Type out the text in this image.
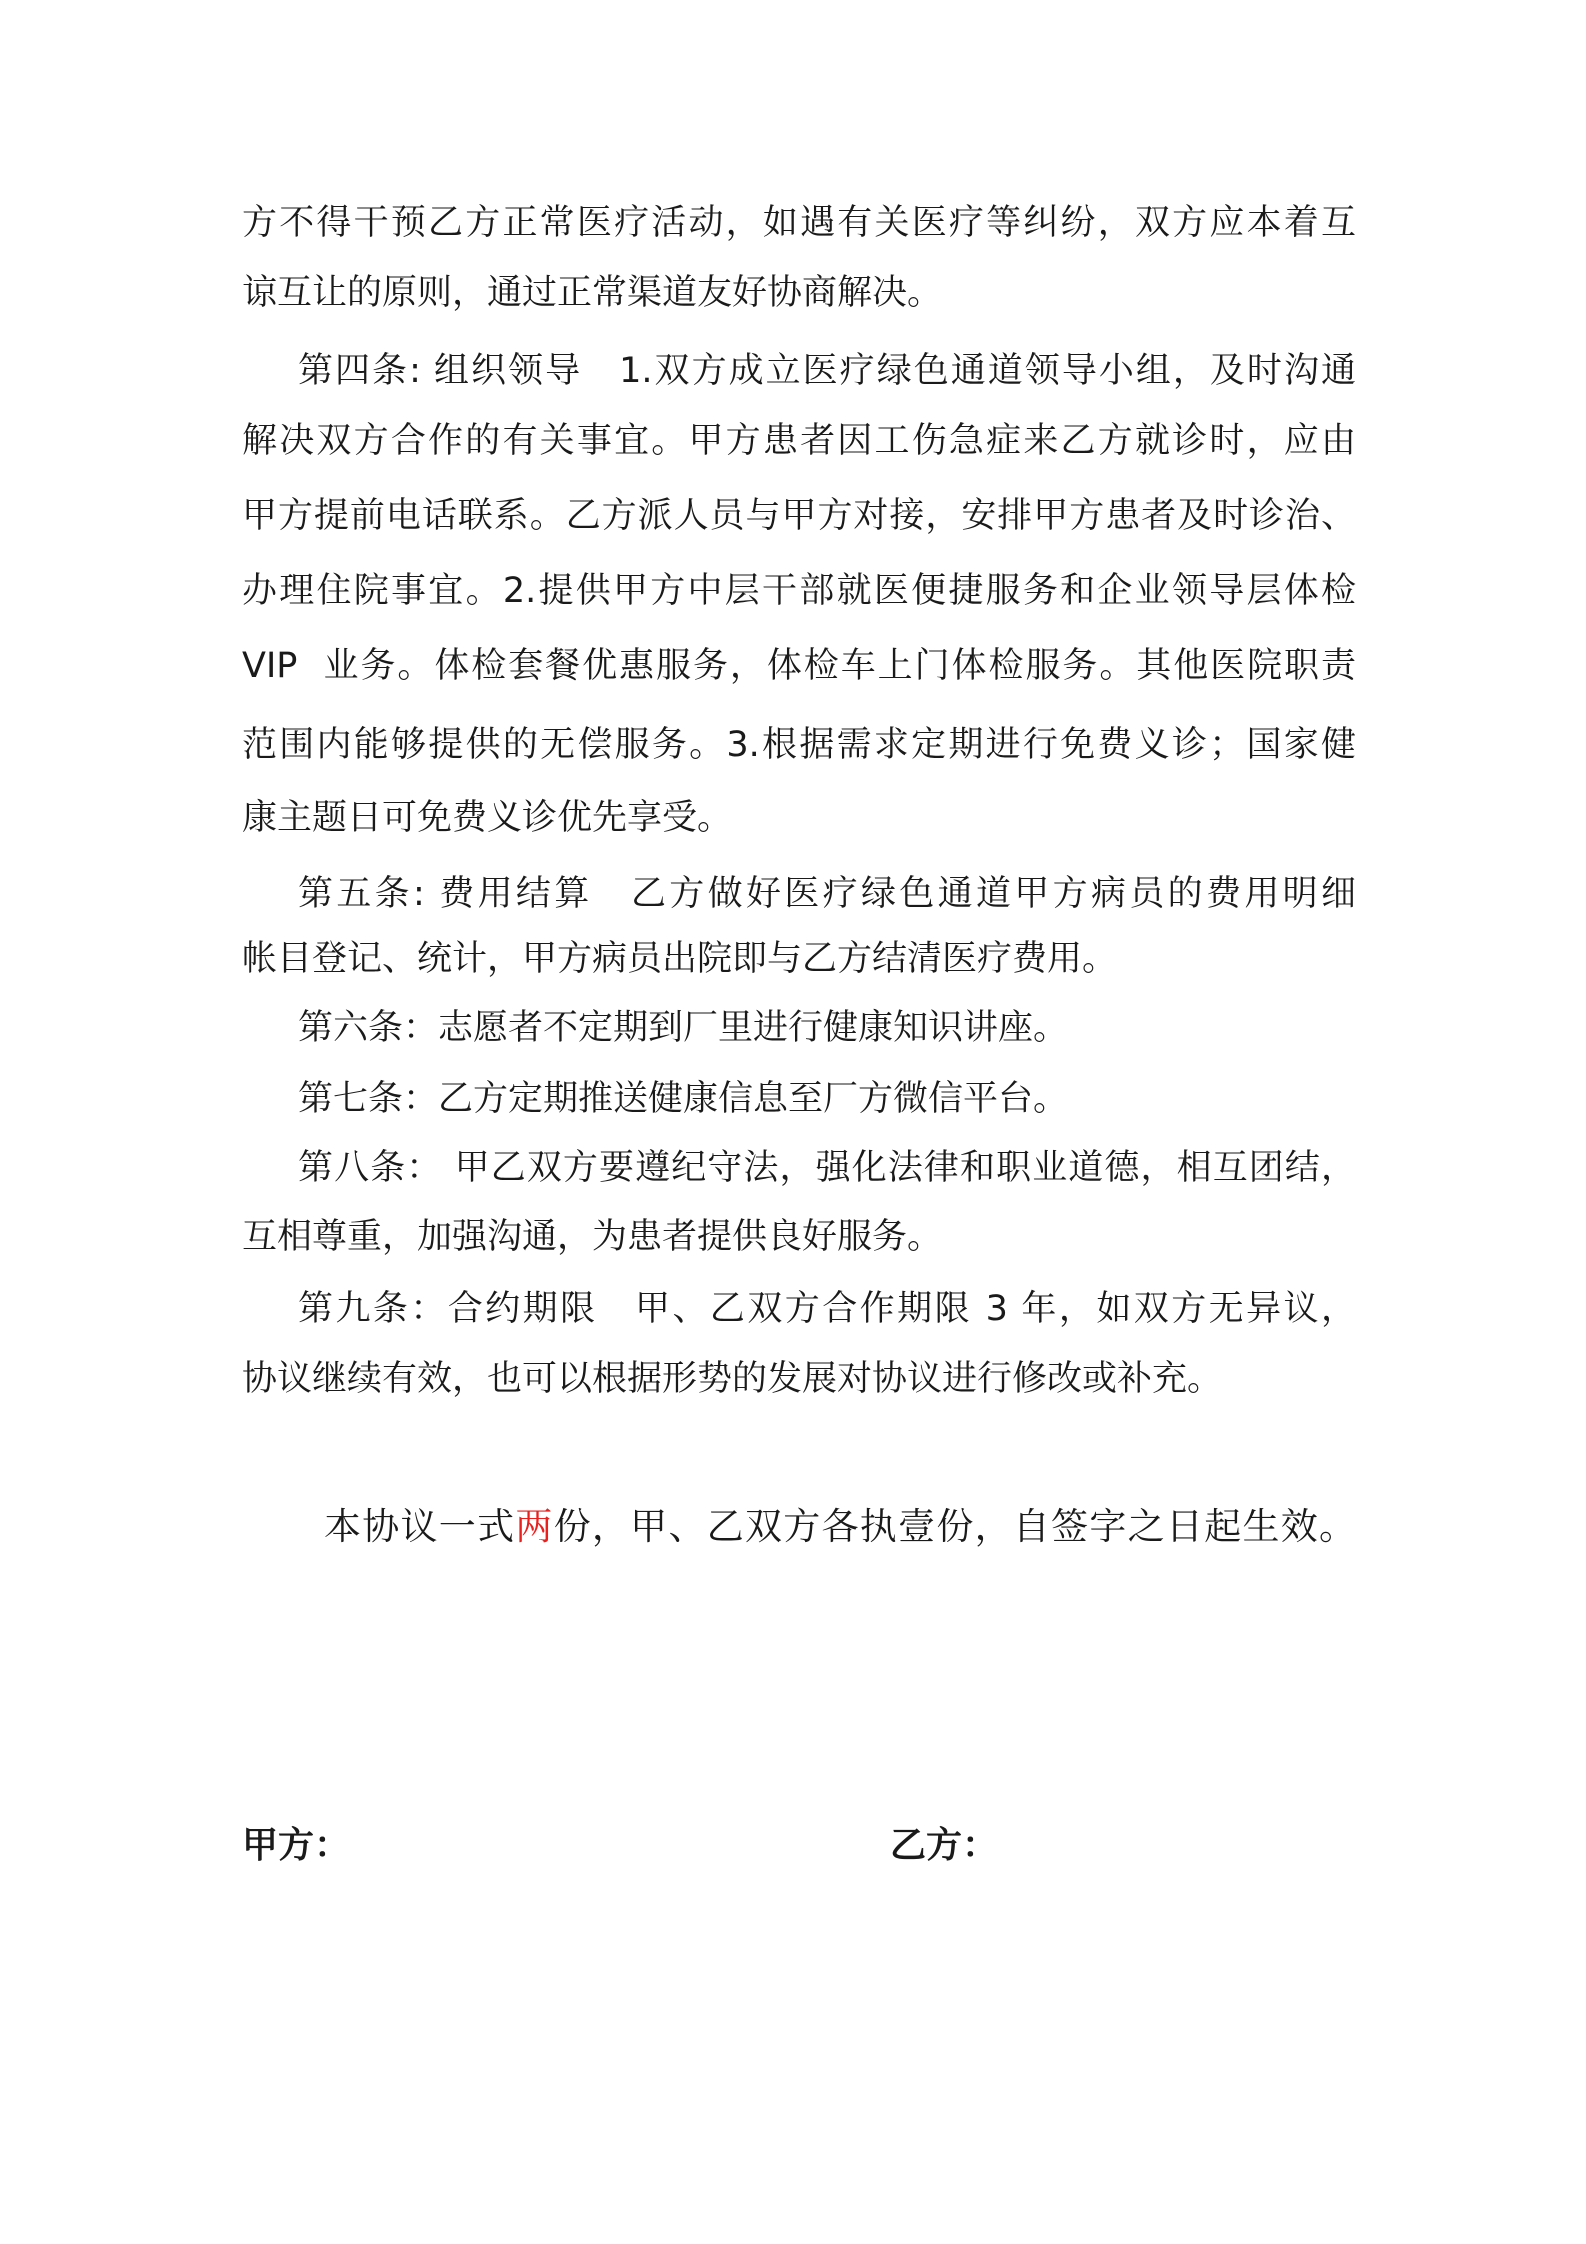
方不得干预乙方正常医疗活动，如遇有关医疗等纠纷，双方应本着互
谅互让的原则，通过正常渠道友好协商解决。
第四条: 组织领导　1.双方成立医疗绿色通道领导小组，及时沟通
解决双方合作的有关事宜。甲方患者因工伤急症来乙方就诊时，应由
甲方提前电话联系。乙方派人员与甲方对接，安排甲方患者及时诊治、
办理住院事宜。2.提供甲方中层干部就医便捷服务和企业领导层体检
VIP  业务。体检套餐优惠服务，体检车上门体检服务。其他医院职责
范围内能够提供的无偿服务。3.根据需求定期进行免费义诊；国家健
康主题日可免费义诊优先享受。
第五条: 费用结算　乙方做好医疗绿色通道甲方病员的费用明细
帐目登记、统计，甲方病员出院即与乙方结清医疗费用。
第六条：志愿者不定期到厂里进行健康知识讲座。
第七条：乙方定期推送健康信息至厂方微信平台。
第八条： 甲乙双方要遵纪守法，强化法律和职业道德，相互团结，
互相尊重，加强沟通，为患者提供良好服务。
第九条：合约期限　甲、乙双方合作期限 3 年，如双方无异议，
协议继续有效，也可以根据形势的发展对协议进行修改或补充。
本协议一式两份，甲、乙双方各执壹份，自签字之日起生效。
甲方：	乙方：
